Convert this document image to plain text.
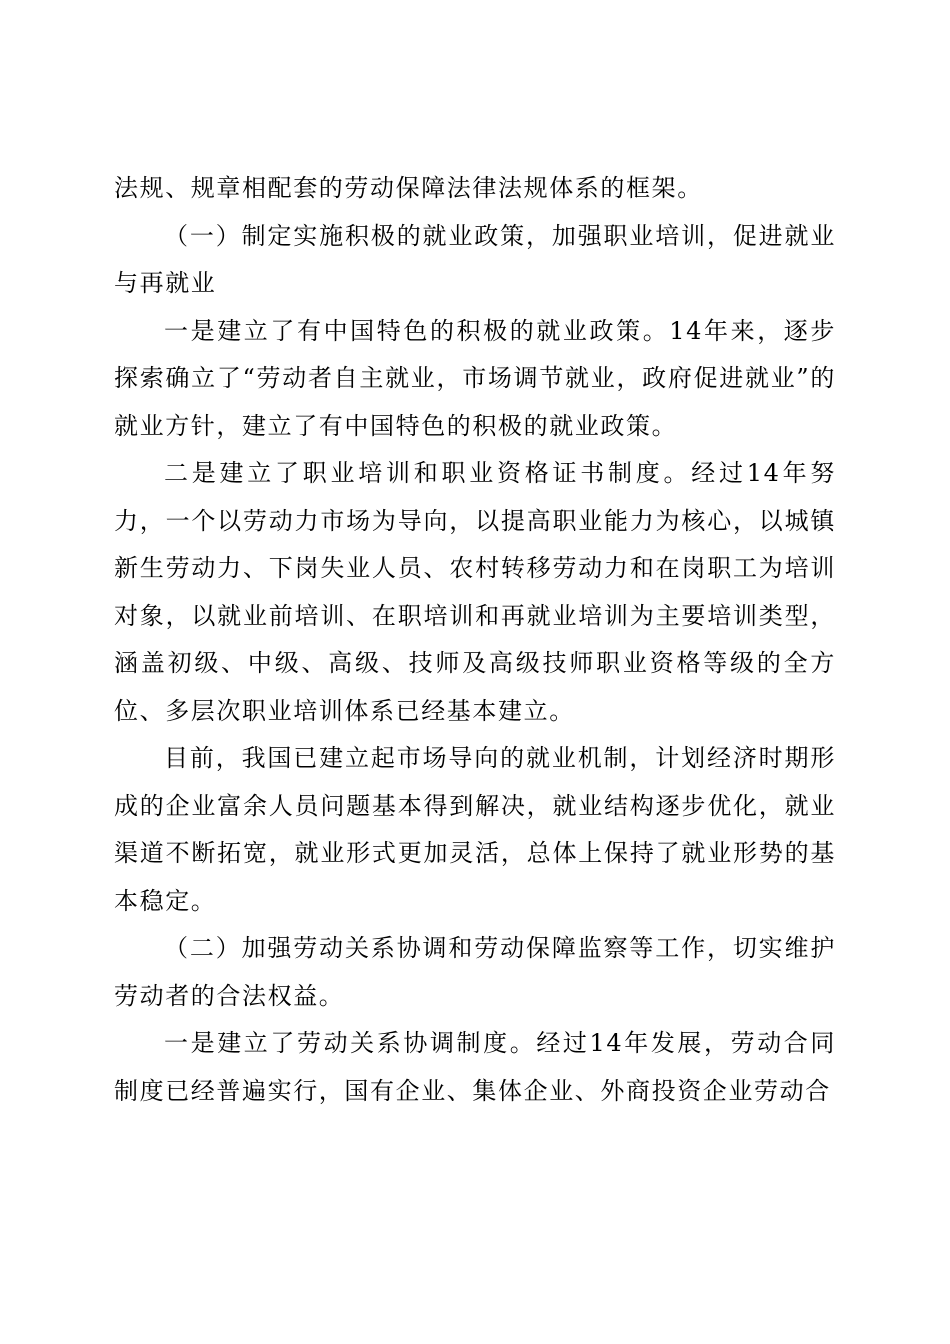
法规、规章相配套的劳动保障法律法规体系的框架。

（一）制定实施积极的就业政策，加强职业培训，促进就业与再就业

一是建立了有中国特色的积极的就业政策。14年来，逐步探索确立了“劳动者自主就业，市场调节就业，政府促进就业”的就业方针，建立了有中国特色的积极的就业政策。

二是建立了职业培训和职业资格证书制度。经过14年努力，一个以劳动力市场为导向，以提高职业能力为核心，以城镇新生劳动力、下岗失业人员、农村转移劳动力和在岗职工为培训对象，以就业前培训、在职培训和再就业培训为主要培训类型，涵盖初级、中级、高级、技师及高级技师职业资格等级的全方位、多层次职业培训体系已经基本建立。

目前，我国已建立起市场导向的就业机制，计划经济时期形成的企业富余人员问题基本得到解决，就业结构逐步优化，就业渠道不断拓宽，就业形式更加灵活，总体上保持了就业形势的基本稳定。

（二）加强劳动关系协调和劳动保障监察等工作，切实维护劳动者的合法权益。

一是建立了劳动关系协调制度。经过14年发展，劳动合同制度已经普遍实行，国有企业、集体企业、外商投资企业劳动合
